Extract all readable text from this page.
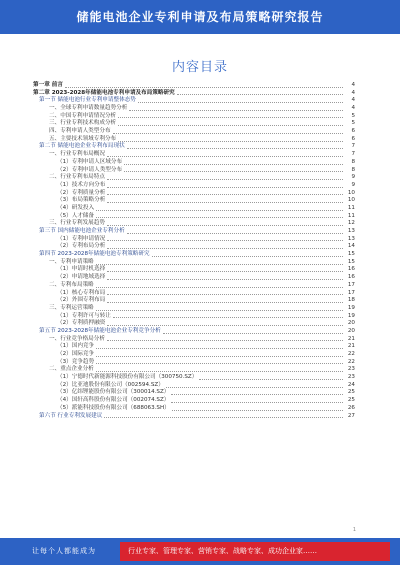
储能电池企业专利申请及布局策略研究报告
内容目录
第一章 前言	4
第二章 2023-2028年储能电池专利申请及布局策略研究	4
第一节 储能电池行业专利申请整体态势	4
一、全球专利申请数量趋势分析	4
二、中国专利申请情况分析	5
三、行业专利技术构成分析	5
四、专利申请人类型分布	6
五、主要技术领域专利分布	6
第二节 储能电池企业专利布局现状	7
一、行业专利布局概况	7
（1）专利申请人区域分布	8
（2）专利申请人类型分布	8
二、行业专利布局特点	9
（1）技术方向分布	9
（2）专利质量分析	10
（3）布局策略分析	10
（4）研发投入	11
（5）人才储备	11
三、行业专利发展趋势	12
第三节 国内储能电池企业专利分析	13
（1）专利申请情况	13
（2）专利布局分析	14
第四节 2023-2028年储能电池专利策略研究	15
一、专利申请策略	15
（1）申请时机选择	16
（2）申请地域选择	16
二、专利布局策略	17
（1）核心专利布局	17
（2）外围专利布局	18
三、专利运营策略	19
（1）专利许可与转让	19
（2）专利质押融资	20
第五节 2023-2028年储能电池企业专利竞争分析	20
一、行业竞争格局分析	21
（1）国内竞争	21
（2）国际竞争	22
（3）竞争趋势	22
二、重点企业分析	23
（1）宁德时代新能源科技股份有限公司（300750.SZ）	23
（2）比亚迪股份有限公司（002594.SZ）	24
（3）亿纬锂能股份有限公司（300014.SZ）	25
（4）国轩高科股份有限公司（002074.SZ）	25
（5）派能科技股份有限公司（688063.SH）	26
第六节 行业专利发展建议	27
1
让每个人都能成为	行业专家、管理专家、营销专家、战略专家、成功企业家……
